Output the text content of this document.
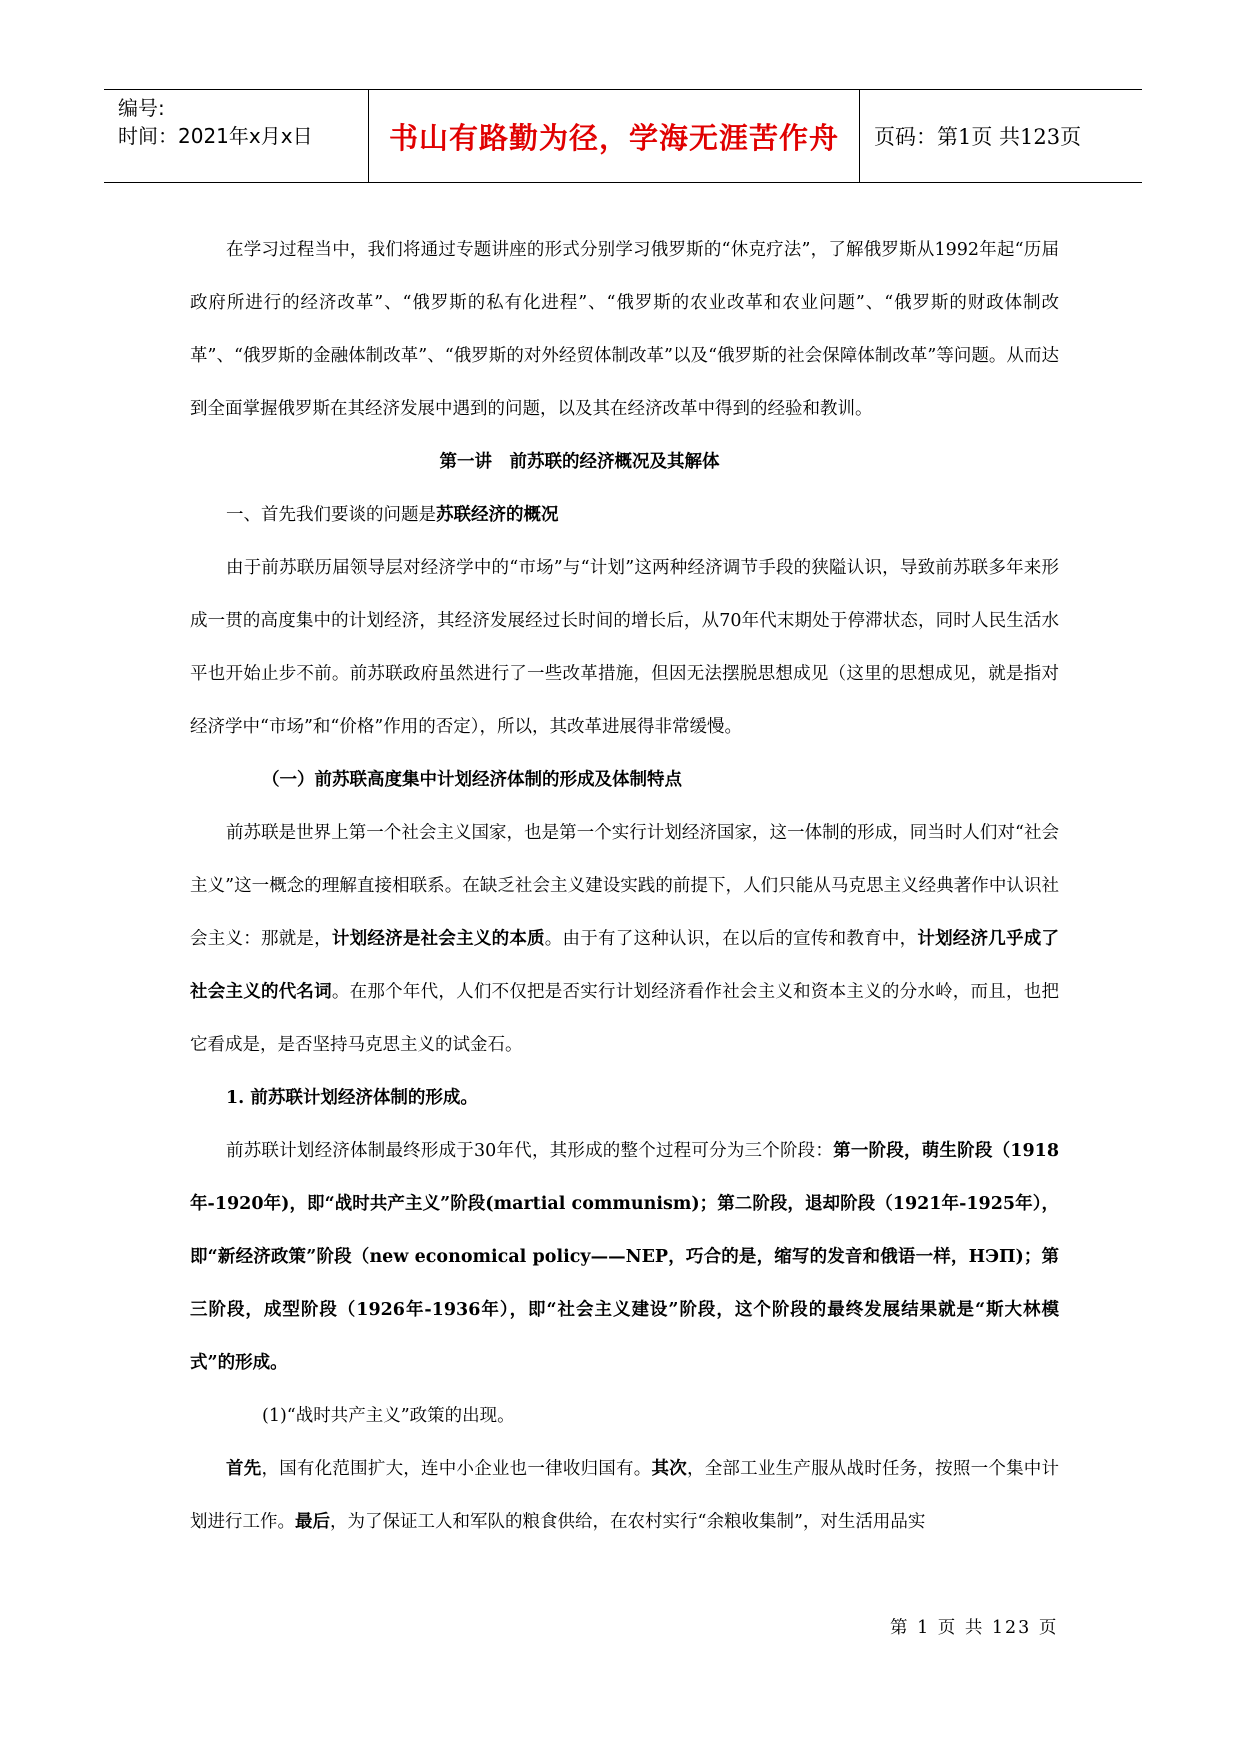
编号:
时间：2021年x月x日	书山有路勤为径，学海无涯苦作舟	页码：第1页 共123页

在学习过程当中，我们将通过专题讲座的形式分别学习俄罗斯的“休克疗法”，了解俄罗斯从1992年起“历届政府所进行的经济改革”、“俄罗斯的私有化进程”、“俄罗斯的农业改革和农业问题”、“俄罗斯的财政体制改革”、“俄罗斯的金融体制改革”、“俄罗斯的对外经贸体制改革”以及“俄罗斯的社会保障体制改革”等问题。从而达到全面掌握俄罗斯在其经济发展中遇到的问题，以及其在经济改革中得到的经验和教训。

第一讲　前苏联的经济概况及其解体

一、首先我们要谈的问题是苏联经济的概况

由于前苏联历届领导层对经济学中的“市场”与“计划”这两种经济调节手段的狭隘认识，导致前苏联多年来形成一贯的高度集中的计划经济，其经济发展经过长时间的增长后，从70年代末期处于停滞状态，同时人民生活水平也开始止步不前。前苏联政府虽然进行了一些改革措施，但因无法摆脱思想成见（这里的思想成见，就是指对经济学中“市场”和“价格”作用的否定），所以，其改革进展得非常缓慢。

（一）前苏联高度集中计划经济体制的形成及体制特点

前苏联是世界上第一个社会主义国家，也是第一个实行计划经济国家，这一体制的形成，同当时人们对“社会主义”这一概念的理解直接相联系。在缺乏社会主义建设实践的前提下，人们只能从马克思主义经典著作中认识社会主义：那就是，计划经济是社会主义的本质。由于有了这种认识，在以后的宣传和教育中，计划经济几乎成了社会主义的代名词。在那个年代，人们不仅把是否实行计划经济看作社会主义和资本主义的分水岭，而且，也把它看成是，是否坚持马克思主义的试金石。

1. 前苏联计划经济体制的形成。

前苏联计划经济体制最终形成于30年代，其形成的整个过程可分为三个阶段：第一阶段，萌生阶段（1918年-1920年)，即“战时共产主义”阶段(martial communism)；第二阶段，退却阶段（1921年-1925年），即“新经济政策”阶段（new economical policy——NEP，巧合的是，缩写的发音和俄语一样，НЭП)；第三阶段，成型阶段（1926年-1936年），即“社会主义建设”阶段，这个阶段的最终发展结果就是“斯大林模式”的形成。

(1)“战时共产主义”政策的出现。

首先，国有化范围扩大，连中小企业也一律收归国有。其次，全部工业生产服从战时任务，按照一个集中计划进行工作。最后，为了保证工人和军队的粮食供给，在农村实行“余粮收集制”，对生活用品实

第 1 页 共 123 页
